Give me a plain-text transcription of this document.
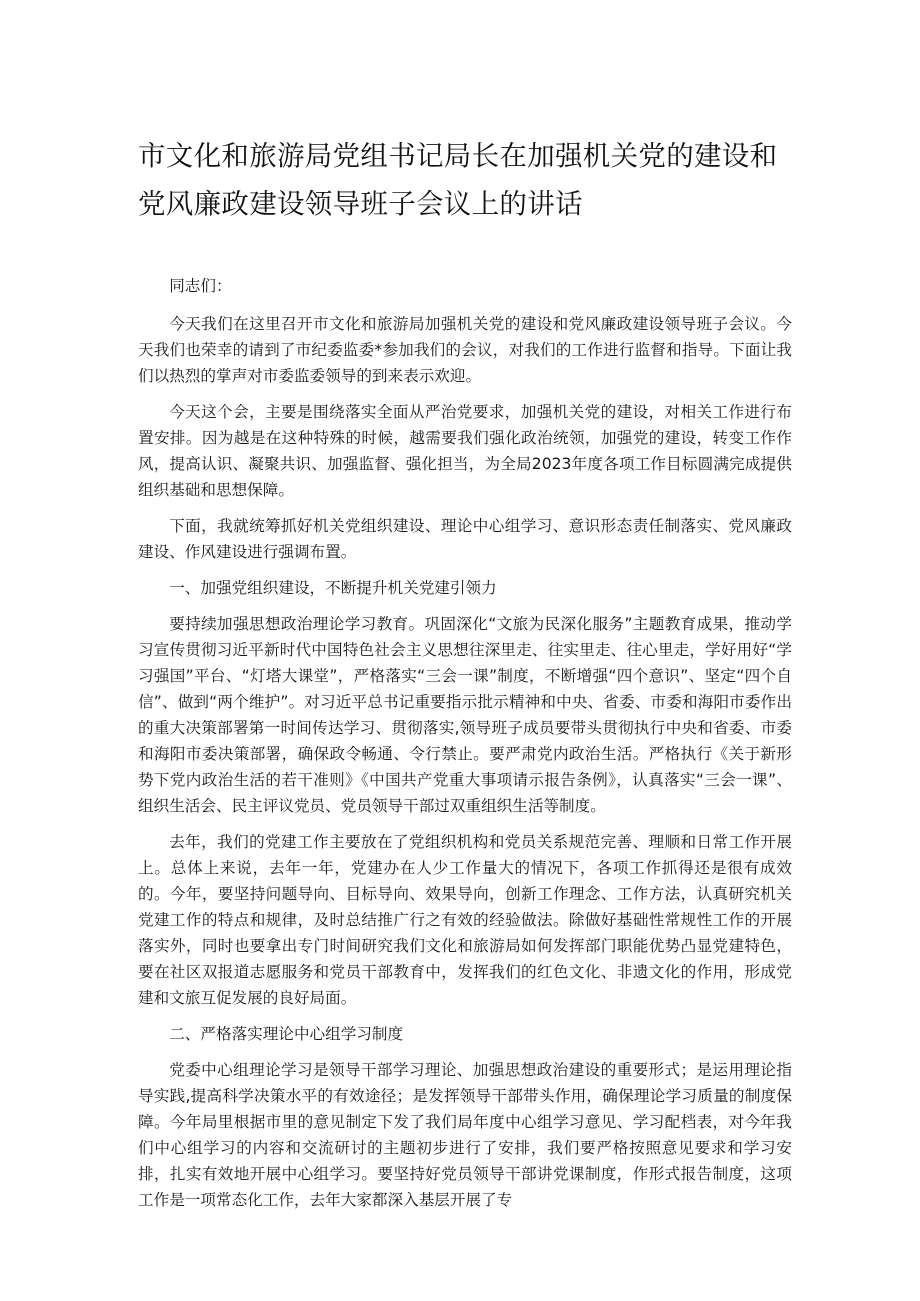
市文化和旅游局党组书记局长在加强机关党的建设和
党风廉政建设领导班子会议上的讲话

同志们：

今天我们在这里召开市文化和旅游局加强机关党的建设和党风廉政建设领导班子会议。今天我们也荣幸的请到了市纪委监委*参加我们的会议，对我们的工作进行监督和指导。下面让我们以热烈的掌声对市委监委领导的到来表示欢迎。

今天这个会，主要是围绕落实全面从严治党要求，加强机关党的建设，对相关工作进行布置安排。因为越是在这种特殊的时候，越需要我们强化政治统领，加强党的建设，转变工作作风，提高认识、凝聚共识、加强监督、强化担当，为全局2023年度各项工作目标圆满完成提供组织基础和思想保障。

下面，我就统筹抓好机关党组织建设、理论中心组学习、意识形态责任制落实、党风廉政建设、作风建设进行强调布置。

一、加强党组织建设，不断提升机关党建引领力

要持续加强思想政治理论学习教育。巩固深化“文旅为民深化服务”主题教育成果，推动学习宣传贯彻习近平新时代中国特色社会主义思想往深里走、往实里走、往心里走，学好用好“学习强国”平台、“灯塔大课堂”，严格落实“三会一课”制度，不断增强“四个意识”、坚定“四个自信”、做到“两个维护”。对习近平总书记重要指示批示精神和中央、省委、市委和海阳市委作出的重大决策部署第一时间传达学习、贯彻落实,领导班子成员要带头贯彻执行中央和省委、市委和海阳市委决策部署，确保政令畅通、令行禁止。要严肃党内政治生活。严格执行《关于新形势下党内政治生活的若干准则》《中国共产党重大事项请示报告条例》，认真落实“三会一课”、组织生活会、民主评议党员、党员领导干部过双重组织生活等制度。

去年，我们的党建工作主要放在了党组织机构和党员关系规范完善、理顺和日常工作开展上。总体上来说，去年一年，党建办在人少工作量大的情况下，各项工作抓得还是很有成效的。今年，要坚持问题导向、目标导向、效果导向，创新工作理念、工作方法，认真研究机关党建工作的特点和规律，及时总结推广行之有效的经验做法。除做好基础性常规性工作的开展落实外，同时也要拿出专门时间研究我们文化和旅游局如何发挥部门职能优势凸显党建特色，要在社区双报道志愿服务和党员干部教育中，发挥我们的红色文化、非遗文化的作用，形成党建和文旅互促发展的良好局面。

二、严格落实理论中心组学习制度

党委中心组理论学习是领导干部学习理论、加强思想政治建设的重要形式；是运用理论指导实践,提高科学决策水平的有效途径；是发挥领导干部带头作用，确保理论学习质量的制度保障。今年局里根据市里的意见制定下发了我们局年度中心组学习意见、学习配档表，对今年我们中心组学习的内容和交流研讨的主题初步进行了安排，我们要严格按照意见要求和学习安排，扎实有效地开展中心组学习。要坚持好党员领导干部讲党课制度，作形式报告制度，这项工作是一项常态化工作，去年大家都深入基层开展了专
